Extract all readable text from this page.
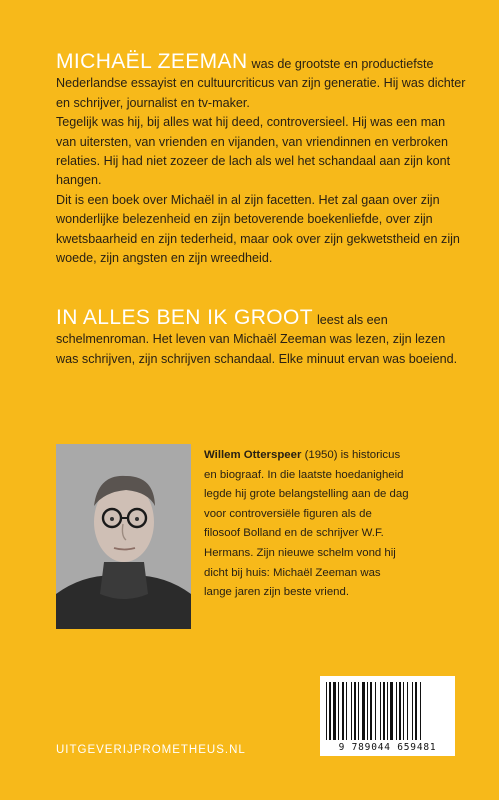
MICHAËL ZEEMAN was de grootste en productiefste Nederlandse essayist en cultuurcriticus van zijn generatie. Hij was dichter en schrijver, journalist en tv-maker.

Tegelijk was hij, bij alles wat hij deed, controversieel. Hij was een man van uitersten, van vrienden en vijanden, van vriendinnen en verbroken relaties. Hij had niet zozeer de lach als wel het schandaal aan zijn kont hangen.

Dit is een boek over Michaël in al zijn facetten. Het zal gaan over zijn wonderlijke belezenheid en zijn betoverende boekenliefde, over zijn kwetsbaarheid en zijn tederheid, maar ook over zijn gekwetstheid en zijn woede, zijn angsten en zijn wreedheid.

IN ALLES BEN IK GROOT leest als een schelmenroman. Het leven van Michaël Zeeman was lezen, zijn lezen was schrijven, zijn schrijven schandaal. Elke minuut ervan was boeiend.

Willem Otterspeer (1950) is historicus en biograaf. In die laatste hoedanigheid legde hij grote belangstelling aan de dag voor controversiële figuren als de filosoof Bolland en de schrijver W.F. Hermans. Zijn nieuwe schelm vond hij dicht bij huis: Michaël Zeeman was lange jaren zijn beste vriend.
9 789044 659481
UITGEVERIJPROMETHEUS.NL
